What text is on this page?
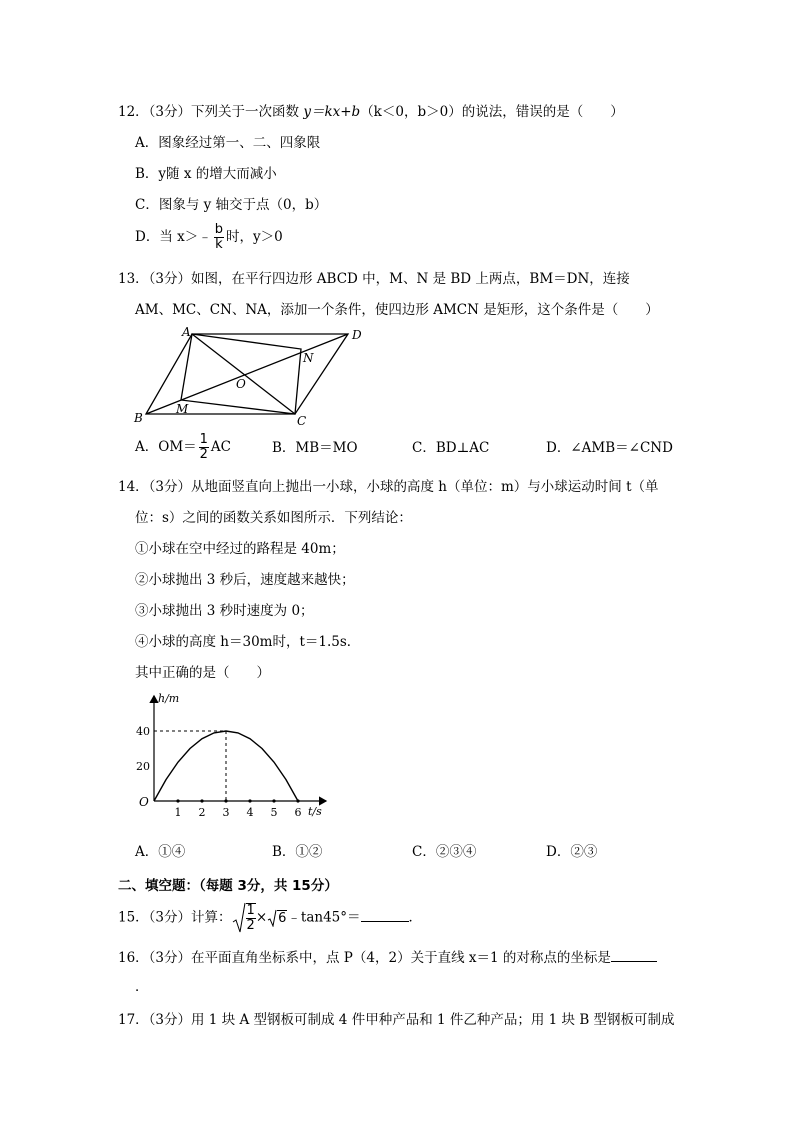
12．（3分）下列关于一次函数 y＝kx+b（k＜0，b＞0）的说法，错误的是（　　）
A．图象经过第一、二、四象限
B．y随 x 的增大而减小
C．图象与 y 轴交于点（0，b）
D．当 x＞﹣ $\frac{b}{k}$ 时，y＞0
13．（3分）如图，在平行四边形 ABCD 中，M、N 是 BD 上两点，BM＝DN，连接
AM、MC、CN、NA，添加一个条件，使四边形 AMCN 是矩形，这个条件是（　　）
A	D
B	C
M
N
O
A．$OM= \frac{1}{2}$ AC	B．MB＝MO	C．BD⊥AC	D．∠AMB＝∠CND
14．（3分）从地面竖直向上抛出一小球，小球的高度 h（单位：m）与小球运动时间 t（单
位：s）之间的函数关系如图所示．下列结论：
①小球在空中经过的路程是 40m；
②小球抛出 3 秒后，速度越来越快；
③小球抛出 3 秒时速度为 0；
④小球的高度 h＝30m时，t＝1.5s．
其中正确的是（　　）
h/m
t/s
O
1 2 3 4 5 6
20
40
A．①④	B．①②	C．②③④	D．②③
二、填空题：（每题 3分，共 15分）
15．（3分）计算： $\frac{1}{2}$ × 6﹣tan45°＝	．
16．（3分）在平面直角坐标系中，点 P（4，2）关于直线 x＝1 的对称点的坐标是
．
17．（3分）用 1 块 A 型钢板可制成 4 件甲种产品和 1 件乙种产品；用 1 块 B 型钢板可制成
